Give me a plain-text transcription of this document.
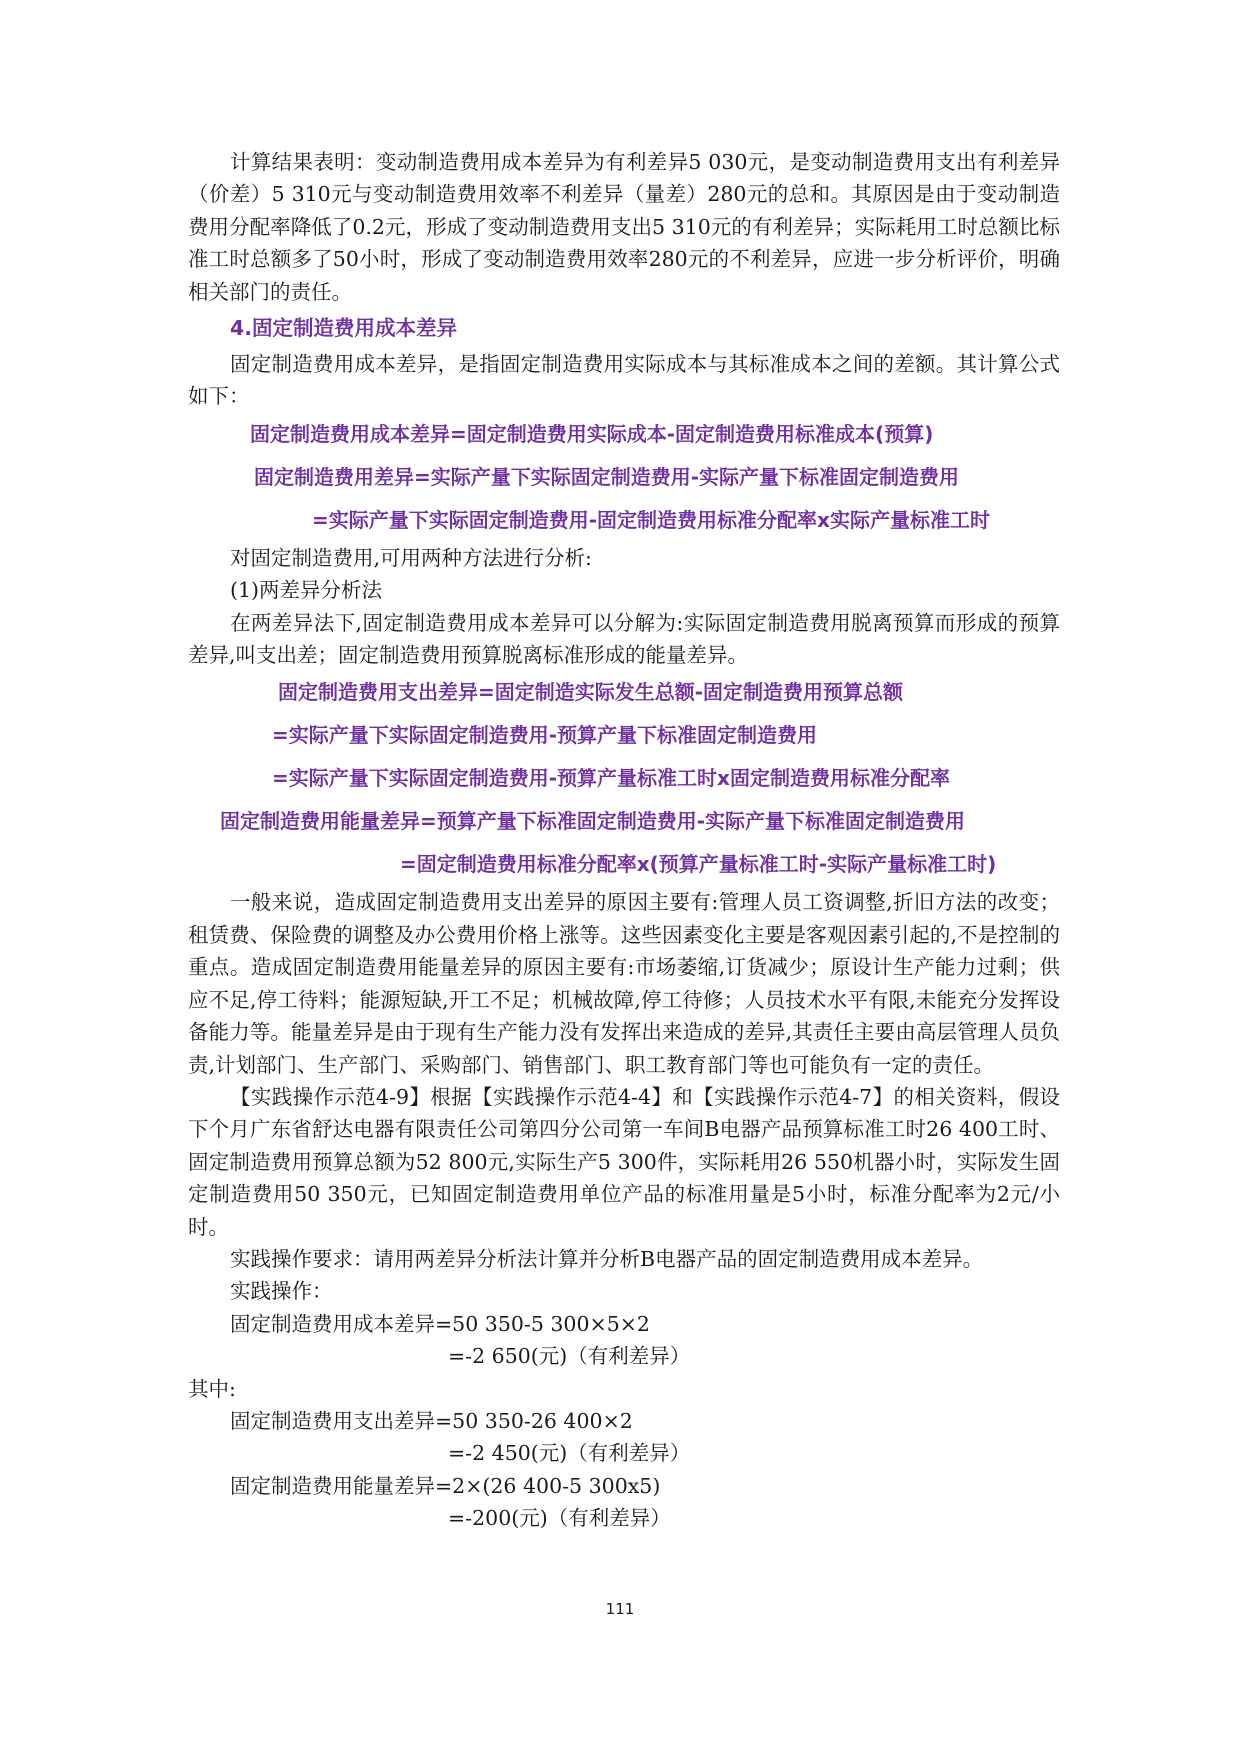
计算结果表明：变动制造费用成本差异为有利差异5 030元，是变动制造费用支出有利差异（价差）5 310元与变动制造费用效率不利差异（量差）280元的总和。其原因是由于变动制造费用分配率降低了0.2元，形成了变动制造费用支出5 310元的有利差异；实际耗用工时总额比标准工时总额多了50小时，形成了变动制造费用效率280元的不利差异，应进一步分析评价，明确相关部门的责任。

4.固定制造费用成本差异

固定制造费用成本差异，是指固定制造费用实际成本与其标准成本之间的差额。其计算公式如下：

固定制造费用成本差异=固定制造费用实际成本-固定制造费用标准成本(预算)
固定制造费用差异=实际产量下实际固定制造费用-实际产量下标准固定制造费用
=实际产量下实际固定制造费用-固定制造费用标准分配率x实际产量标准工时

对固定制造费用,可用两种方法进行分析:

(1)两差异分析法

在两差异法下,固定制造费用成本差异可以分解为:实际固定制造费用脱离预算而形成的预算差异,叫支出差；固定制造费用预算脱离标准形成的能量差异。

固定制造费用支出差异=固定制造实际发生总额-固定制造费用预算总额
=实际产量下实际固定制造费用-预算产量下标准固定制造费用
=实际产量下实际固定制造费用-预算产量标准工时x固定制造费用标准分配率
固定制造费用能量差异=预算产量下标准固定制造费用-实际产量下标准固定制造费用
=固定制造费用标准分配率x(预算产量标准工时-实际产量标准工时)

一般来说，造成固定制造费用支出差异的原因主要有:管理人员工资调整,折旧方法的改变；租赁费、保险费的调整及办公费用价格上涨等。这些因素变化主要是客观因素引起的,不是控制的重点。造成固定制造费用能量差异的原因主要有:市场萎缩,订货减少；原设计生产能力过剩；供应不足,停工待料；能源短缺,开工不足；机械故障,停工待修；人员技术水平有限,未能充分发挥设备能力等。能量差异是由于现有生产能力没有发挥出来造成的差异,其责任主要由高层管理人员负责,计划部门、生产部门、采购部门、销售部门、职工教育部门等也可能负有一定的责任。

【实践操作示范4-9】根据【实践操作示范4-4】和【实践操作示范4-7】的相关资料，假设下个月广东省舒达电器有限责任公司第四分公司第一车间B电器产品预算标准工时26 400工时、固定制造费用预算总额为52 800元,实际生产5 300件，实际耗用26 550机器小时，实际发生固定制造费用50 350元，已知固定制造费用单位产品的标准用量是5小时，标准分配率为2元/小时。

实践操作要求：请用两差异分析法计算并分析B电器产品的固定制造费用成本差异。

实践操作：

固定制造费用成本差异=50 350-5 300×5×2
=-2 650(元)（有利差异）
其中:
固定制造费用支出差异=50 350-26 400×2
=-2 450(元)（有利差异）
固定制造费用能量差异=2×(26 400-5 300x5)
=-200(元)（有利差异）
111
